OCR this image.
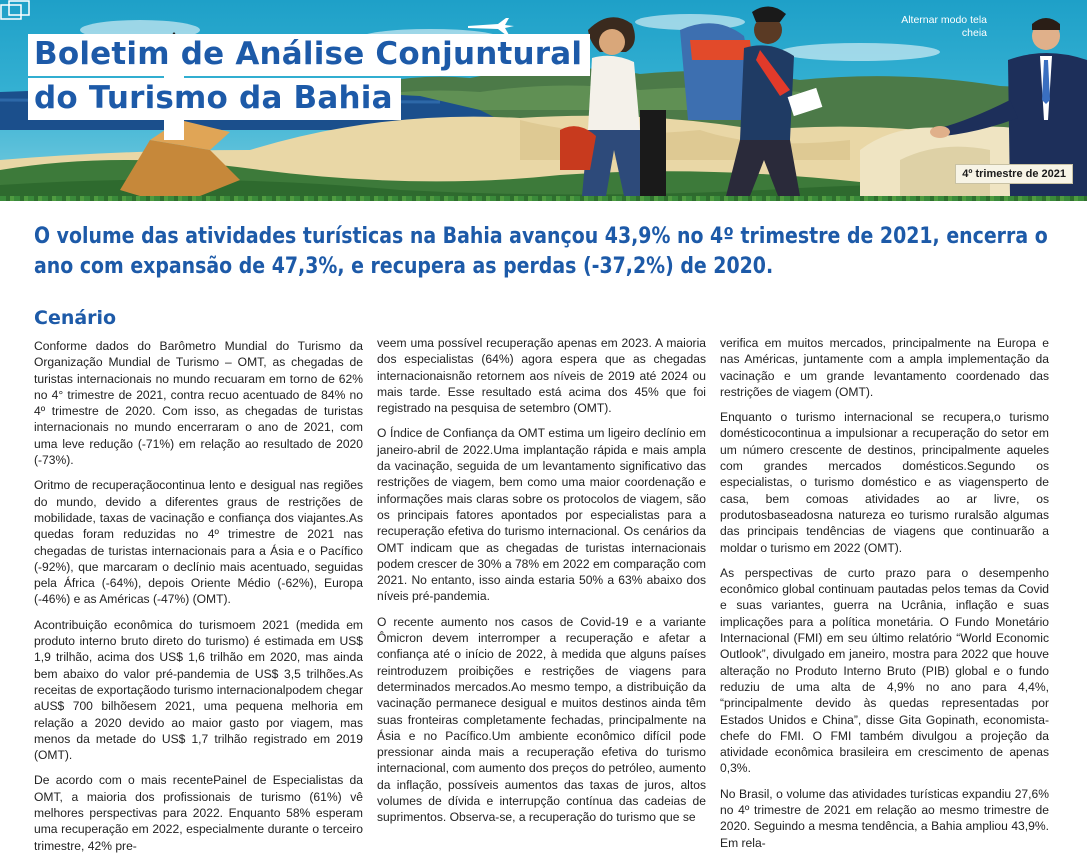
Boletim de Análise Conjuntural
do Turismo da Bahia
Alternar modo tela cheia
4º trimestre de 2021
O volume das atividades turísticas na Bahia avançou 43,9% no 4º trimestre de 2021, encerra o ano com expansão de 47,3%, e recupera as perdas (-37,2%) de 2020.
Cenário

Conforme dados do Barômetro Mundial do Turismo da Organização Mundial de Turismo – OMT, as chegadas de turistas internacionais no mundo recuaram em torno de 62% no 4° trimestre de 2021, contra recuo acentuado de 84% no 4º trimestre de 2020. Com isso, as chegadas de turistas internacionais no mundo encerraram o ano de 2021, com uma leve redução (-71%) em relação ao resultado de 2020 (-73%).

Oritmo de recuperaçãocontinua lento e desigual nas regiões do mundo, devido a diferentes graus de restrições de mobilidade, taxas de vacinação e confiança dos viajantes.As quedas foram reduzidas no 4º trimestre de 2021 nas chegadas de turistas internacionais para a Ásia e o Pacífico (-92%), que marcaram o declínio mais acentuado, seguidas pela África (-64%), depois Oriente Médio (-62%), Europa (-46%) e as Américas (-47%) (OMT).

Acontribuição econômica do turismoem 2021 (medida em produto interno bruto direto do turismo) é estimada em US$ 1,9 trilhão, acima dos US$ 1,6 trilhão em 2020, mas ainda bem abaixo do valor pré-pandemia de US$ 3,5 trilhões.As receitas de exportaçãodo turismo internacionalpodem chegar aUS$ 700 bilhõesem 2021, uma pequena melhoria em relação a 2020 devido ao maior gasto por viagem, mas menos da metade do US$ 1,7 trilhão registrado em 2019 (OMT).

De acordo com o mais recentePainel de Especialistas da OMT, a maioria dos profissionais de turismo (61%) vê melhores perspectivas para 2022. Enquanto 58% esperam uma recuperação em 2022, especialmente durante o terceiro trimestre, 42% pre-

veem uma possível recuperação apenas em 2023. A maioria dos especialistas (64%) agora espera que as chegadas internacionaisnão retornem aos níveis de 2019 até 2024 ou mais tarde. Esse resultado está acima dos 45% que foi registrado na pesquisa de setembro (OMT).

O Índice de Confiança da OMT estima um ligeiro declínio em janeiro-abril de 2022.Uma implantação rápida e mais ampla da vacinação, seguida de um levantamento significativo das restrições de viagem, bem como uma maior coordenação e informações mais claras sobre os protocolos de viagem, são os principais fatores apontados por especialistas para a recuperação efetiva do turismo internacional. Os cenários da OMT indicam que as chegadas de turistas internacionais podem crescer de 30% a 78% em 2022 em comparação com 2021. No entanto, isso ainda estaria 50% a 63% abaixo dos níveis pré-pandemia.

O recente aumento nos casos de Covid-19 e a variante Ômicron devem interromper a recuperação e afetar a confiança até o início de 2022, à medida que alguns países reintroduzem proibições e restrições de viagens para determinados mercados.Ao mesmo tempo, a distribuição da vacinação permanece desigual e muitos destinos ainda têm suas fronteiras completamente fechadas, principalmente na Ásia e no Pacífico.Um ambiente econômico difícil pode pressionar ainda mais a recuperação efetiva do turismo internacional, com aumento dos preços do petróleo, aumento da inflação, possíveis aumentos das taxas de juros, altos volumes de dívida e interrupção contínua das cadeias de suprimentos. Observa-se, a recuperação do turismo que se

verifica em muitos mercados, principalmente na Europa e nas Américas, juntamente com a ampla implementação da vacinação e um grande levantamento coordenado das restrições de viagem (OMT).

Enquanto o turismo internacional se recupera,o turismo domésticocontinua a impulsionar a recuperação do setor em um número crescente de destinos, principalmente aqueles com grandes mercados domésticos.Segundo os especialistas, o turismo doméstico e as viagensperto de casa, bem comoas atividades ao ar livre, os produtosbaseadosna natureza eo turismo ruralsão algumas das principais tendências de viagens que continuarão a moldar o turismo em 2022 (OMT).

As perspectivas de curto prazo para o desempenho econômico global continuam pautadas pelos temas da Covid e suas variantes, guerra na Ucrânia, inflação e suas implicações para a política monetária. O Fundo Monetário Internacional (FMI) em seu último relatório “World Economic Outlook”, divulgado em janeiro, mostra para 2022 que houve alteração no Produto Interno Bruto (PIB) global e o fundo reduziu de uma alta de 4,9% no ano para 4,4%, “principalmente devido às quedas representadas por Estados Unidos e China”, disse Gita Gopinath, economista-chefe do FMI. O FMI também divulgou a projeção da atividade econômica brasileira em crescimento de apenas 0,3%.

No Brasil, o volume das atividades turísticas expandiu 27,6% no 4º trimestre de 2021 em relação ao mesmo trimestre de 2020. Seguindo a mesma tendência, a Bahia ampliou 43,9%. Em rela-
